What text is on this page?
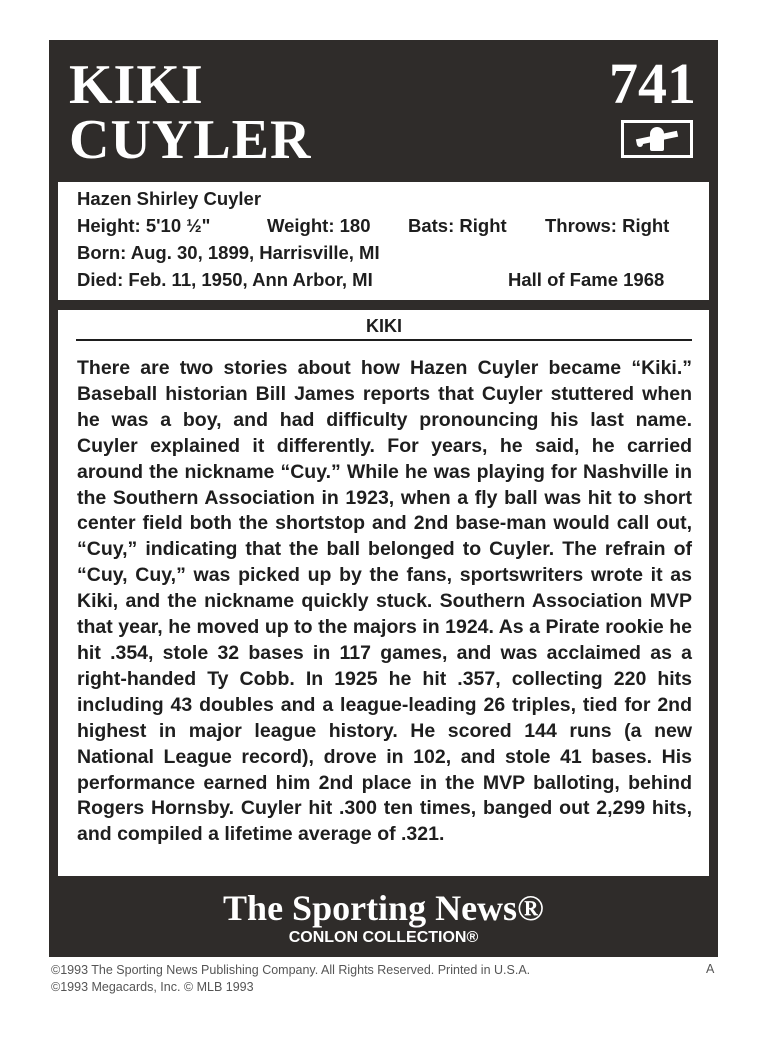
KIKI
CUYLER
741
Hazen Shirley Cuyler
Height: 5'10 ½"	Weight: 180 Bats: Right Throws: Right
Born: Aug. 30, 1899, Harrisville, MI
Died: Feb. 11, 1950, Ann Arbor, MI	Hall of Fame 1968
KIKI

There are two stories about how Hazen Cuyler became “Kiki.” Baseball historian Bill James reports that Cuyler stuttered when he was a boy, and had difficulty pronouncing his last name. Cuyler explained it differently. For years, he said, he carried around the nickname “Cuy.” While he was playing for Nashville in the Southern Association in 1923, when a fly ball was hit to short center field both the shortstop and 2nd base-man would call out, “Cuy,” indicating that the ball belonged to Cuyler. The refrain of “Cuy, Cuy,” was picked up by the fans, sportswriters wrote it as Kiki, and the nickname quickly stuck. Southern Association MVP that year, he moved up to the majors in 1924. As a Pirate rookie he hit .354, stole 32 bases in 117 games, and was acclaimed as a right-handed Ty Cobb. In 1925 he hit .357, collecting 220 hits including 43 doubles and a league-leading 26 triples, tied for 2nd highest in major league history. He scored 144 runs (a new National League record), drove in 102, and stole 41 bases. His performance earned him 2nd place in the MVP balloting, behind Rogers Hornsby. Cuyler hit .300 ten times, banged out 2,299 hits, and compiled a lifetime average of .321.

The Sporting News®
CONLON COLLECTION®
©1993 The Sporting News Publishing Company. All Rights Reserved. Printed in U.S.A.
©1993 Megacards, Inc. © MLB 1993
A
